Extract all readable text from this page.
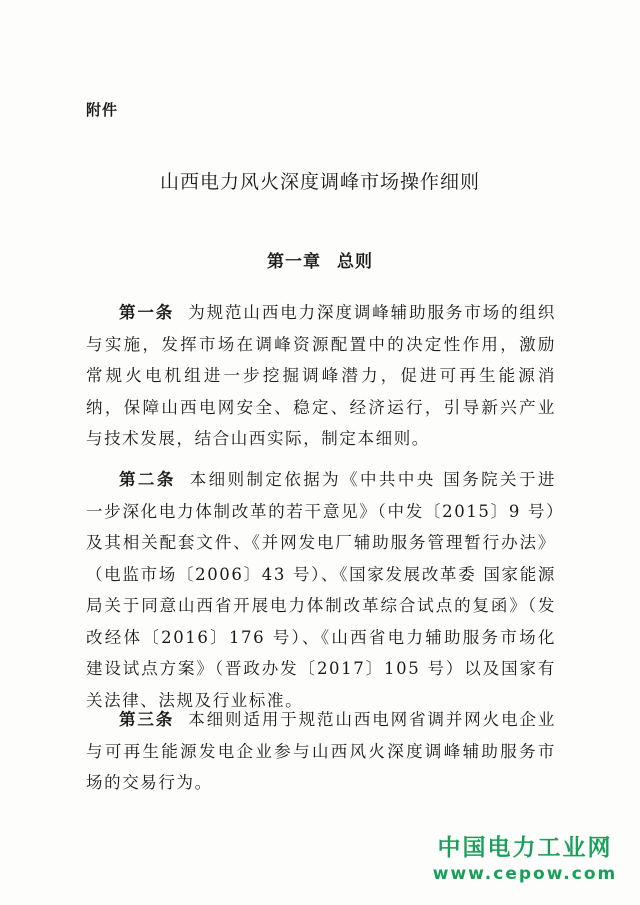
附件
山西电力风火深度调峰市场操作细则
第一章 总则

第一条 为规范山西电力深度调峰辅助服务市场的组织与实施，发挥市场在调峰资源配置中的决定性作用，激励常规火电机组进一步挖掘调峰潜力，促进可再生能源消纳，保障山西电网安全、稳定、经济运行，引导新兴产业与技术发展，结合山西实际，制定本细则。

第二条 本细则制定依据为《中共中央 国务院关于进一步深化电力体制改革的若干意见》（中发〔2015〕9 号）及其相关配套文件、《并网发电厂辅助服务管理暂行办法》（电监市场〔2006〕43 号）、《国家发展改革委 国家能源局关于同意山西省开展电力体制改革综合试点的复函》（发改经体〔2016〕176 号）、《山西省电力辅助服务市场化建设试点方案》（晋政办发〔2017〕105 号）以及国家有关法律、法规及行业标准。

第三条 本细则适用于规范山西电网省调并网火电企业与可再生能源发电企业参与山西风火深度调峰辅助服务市场的交易行为。

中国电力工业网
www.cepow.com
